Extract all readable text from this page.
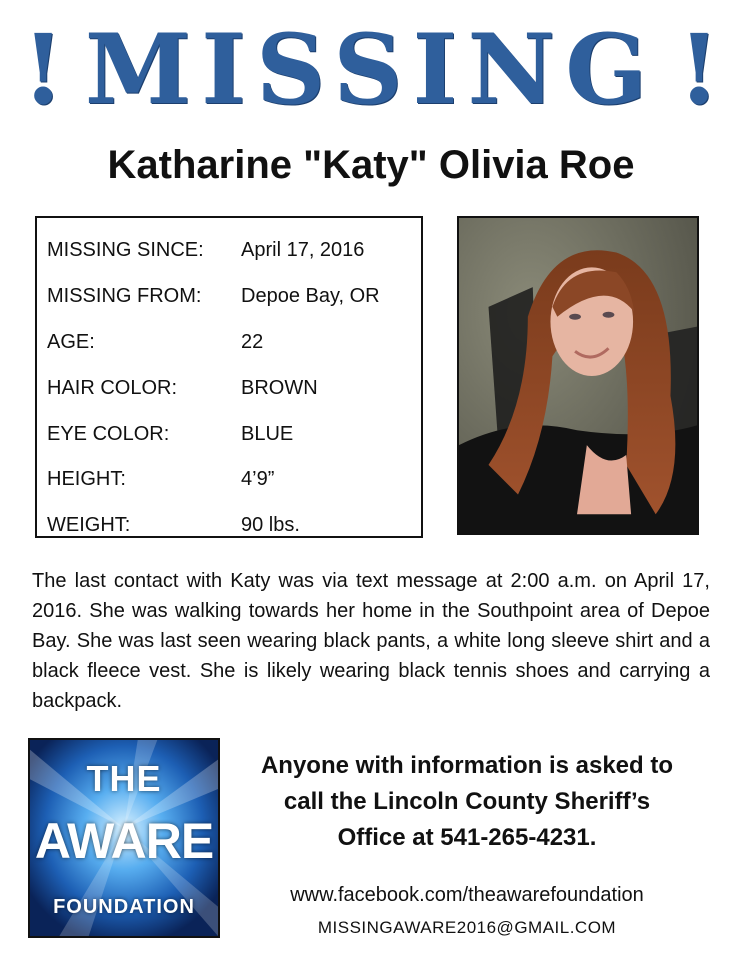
! MISSING !
Katharine "Katy" Olivia Roe
MISSING SINCE:	April 17, 2016
MISSING FROM:	Depoe Bay, OR
AGE:	22
HAIR COLOR:	BROWN
EYE COLOR:	BLUE
HEIGHT:	4’9”
WEIGHT:	90 lbs.
The last contact with Katy was via text message at 2:00 a.m. on April 17, 2016. She was walking towards her home in the Southpoint area of Depoe Bay. She was last seen wearing black pants, a white long sleeve shirt and a black fleece vest. She is likely wearing black tennis shoes and carrying a backpack.
THE
AWARE
FOUNDATION
Anyone with information is asked to
call the Lincoln County Sheriff’s
Office at 541-265-4231.
www.facebook.com/theawarefoundation
MISSINGAWARE2016@GMAIL.COM
